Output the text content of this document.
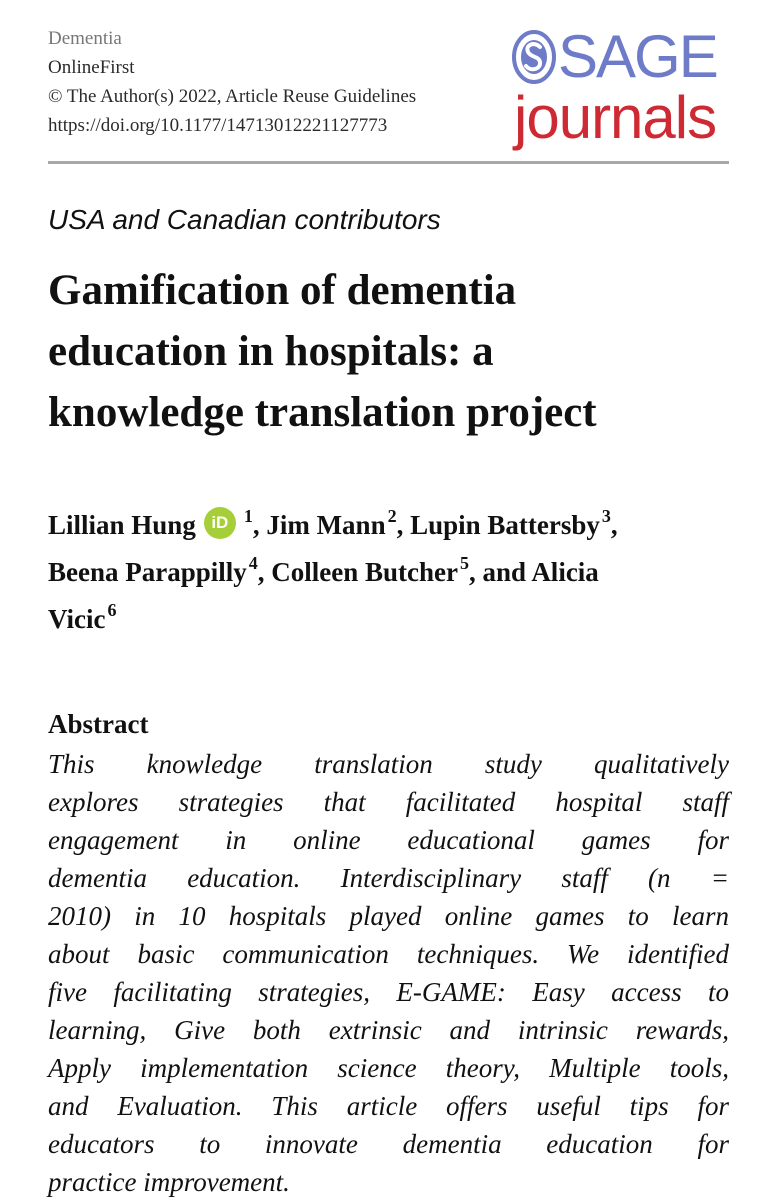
Dementia
OnlineFirst
© The Author(s) 2022, Article Reuse Guidelines
https://doi.org/10.1177/14713012221127773
SAGE
journals
USA and Canadian contributors
Gamification of dementia
education in hospitals: a
knowledge translation project
Lillian Hung iD $^1$, Jim Mann $^2$, Lupin Battersby $^3$,
Beena Parappilly $^4$, Colleen Butcher $^5$, and Alicia
Vicic $^6$
Abstract
This knowledge translation study qualitatively
explores strategies that facilitated hospital staff
engagement in online educational games for
dementia education. Interdisciplinary staff (n =
2010) in 10 hospitals played online games to learn
about basic communication techniques. We identified
five facilitating strategies, E-GAME: Easy access to
learning, Give both extrinsic and intrinsic rewards,
Apply implementation science theory, Multiple tools,
and Evaluation. This article offers useful tips for
educators to innovate dementia education for
practice improvement.
